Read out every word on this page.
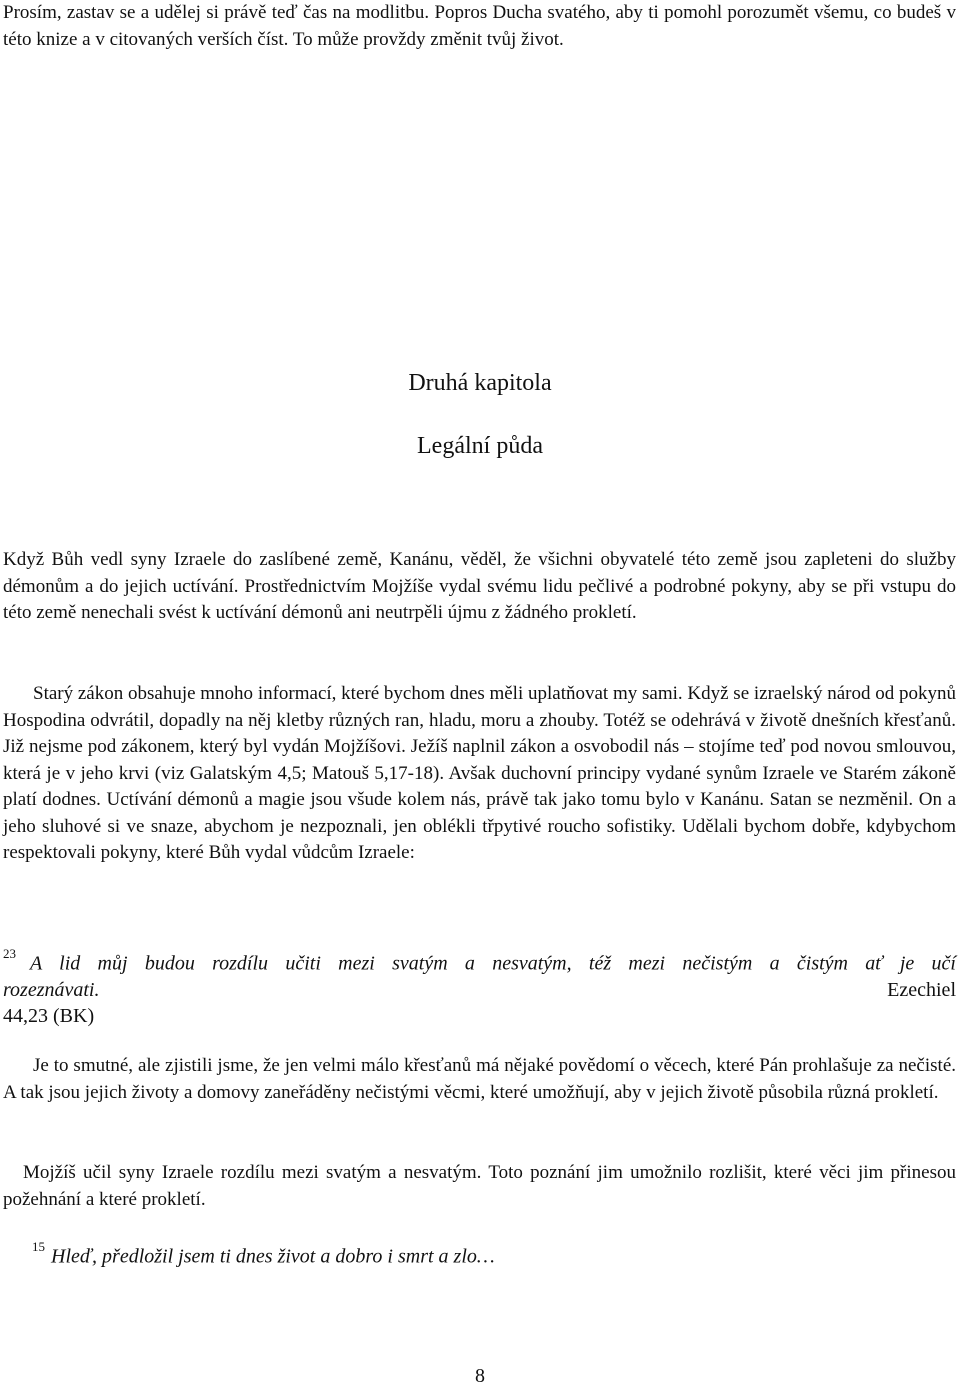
Prosím, zastav se a udělej si právě teď čas na modlitbu. Popros Ducha svatého, aby ti pomohl porozumět všemu, co budeš v této knize a v citovaných verších číst. To může provždy změnit tvůj život.

Druhá kapitola
Legální půda

Když Bůh vedl syny Izraele do zaslíbené země, Kanánu, věděl, že všichni obyvatelé této země jsou zapleteni do služby démonům a do jejich uctívání. Prostřednictvím Mojžíše vydal svému lidu pečlivé a podrobné pokyny, aby se při vstupu do této země nenechali svést k uctívání démonů ani neutrpěli újmu z žádného prokletí.

Starý zákon obsahuje mnoho informací, které bychom dnes měli uplatňovat my sami. Když se izraelský národ od pokynů Hospodina odvrátil, dopadly na něj kletby různých ran, hladu, moru a zhouby. Totéž se odehrává v životě dnešních křesťanů. Již nejsme pod zákonem, který byl vydán Mojžíšovi. Ježíš naplnil zákon a osvobodil nás – stojíme teď pod novou smlouvou, která je v jeho krvi (viz Galatským 4,5; Matouš 5,17-18). Avšak duchovní principy vydané synům Izraele ve Starém zákoně platí dodnes. Uctívání démonů a magie jsou všude kolem nás, právě tak jako tomu bylo v Kanánu. Satan se nezměnil. On a jeho sluhové si ve snaze, abychom je nezpoznali, jen oblékli třpytivé roucho sofistiky. Udělali bychom dobře, kdybychom respektovali pokyny, které Bůh vydal vůdcům Izraele:

$^{23}$ A lid můj budou rozdílu učiti mezi svatým a nesvatým, též mezi nečistým a čistým ať je učí
rozeznávati.	Ezechiel
44,23 (BK)

Je to smutné, ale zjistili jsme, že jen velmi málo křesťanů má nějaké povědomí o věcech, které Pán prohlašuje za nečisté. A tak jsou jejich životy a domovy zaneřáděny nečistými věcmi, které umožňují, aby v jejich životě působila různá prokletí.

Mojžíš učil syny Izraele rozdílu mezi svatým a nesvatým. Toto poznání jim umožnilo rozlišit, které věci jim přinesou požehnání a které prokletí.

$^{15}$ Hleď, předložil jsem ti dnes život a dobro i smrt a zlo…

8
